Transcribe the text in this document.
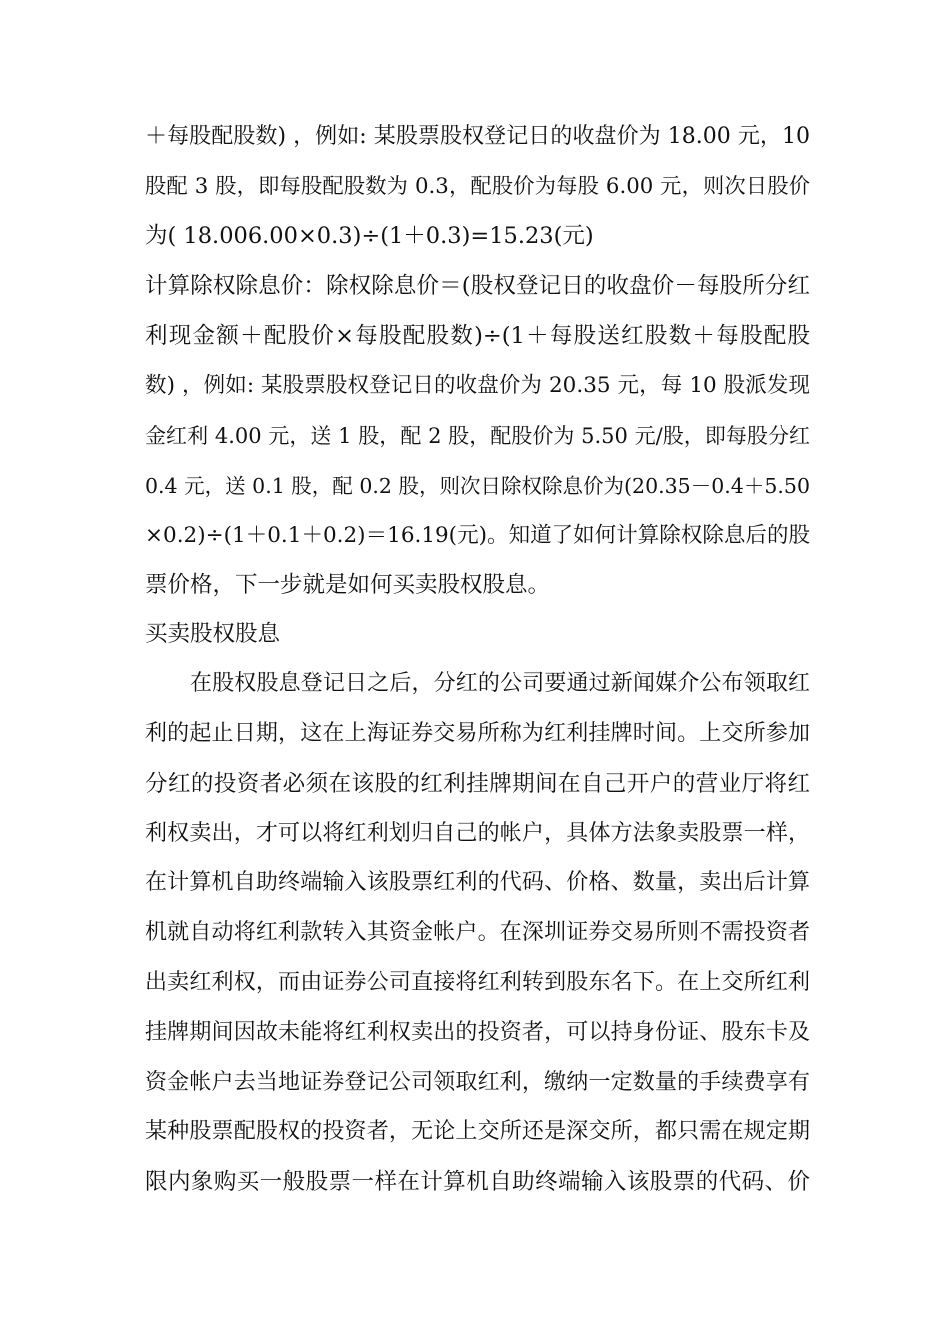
＋每股配股数) ，例如: 某股票股权登记日的收盘价为 18.00 元，10
股配 3 股，即每股配股数为 0.3，配股价为每股 6.00 元，则次日股价
为( 18.006.00×0.3)÷(1＋0.3)=15.23(元)
计算除权除息价：除权除息价＝(股权登记日的收盘价－每股所分红
利现金额＋配股价×每股配股数)÷(1＋每股送红股数＋每股配股
数) ，例如: 某股票股权登记日的收盘价为 20.35 元，每 10 股派发现
金红利 4.00 元，送 1 股，配 2 股，配股价为 5.50 元/股，即每股分红
0.4 元，送 0.1 股，配 0.2 股，则次日除权除息价为(20.35－0.4＋5.50
×0.2)÷(1＋0.1＋0.2)＝16.19(元)。知道了如何计算除权除息后的股
票价格，下一步就是如何买卖股权股息。
买卖股权股息
在股权股息登记日之后，分红的公司要通过新闻媒介公布领取红
利的起止日期，这在上海证券交易所称为红利挂牌时间。上交所参加
分红的投资者必须在该股的红利挂牌期间在自己开户的营业厅将红
利权卖出，才可以将红利划归自己的帐户，具体方法象卖股票一样，
在计算机自助终端输入该股票红利的代码、价格、数量，卖出后计算
机就自动将红利款转入其资金帐户。在深圳证券交易所则不需投资者
出卖红利权，而由证券公司直接将红利转到股东名下。在上交所红利
挂牌期间因故未能将红利权卖出的投资者，可以持身份证、股东卡及
资金帐户去当地证券登记公司领取红利，缴纳一定数量的手续费享有
某种股票配股权的投资者，无论上交所还是深交所，都只需在规定期
限内象购买一般股票一样在计算机自助终端输入该股票的代码、价
